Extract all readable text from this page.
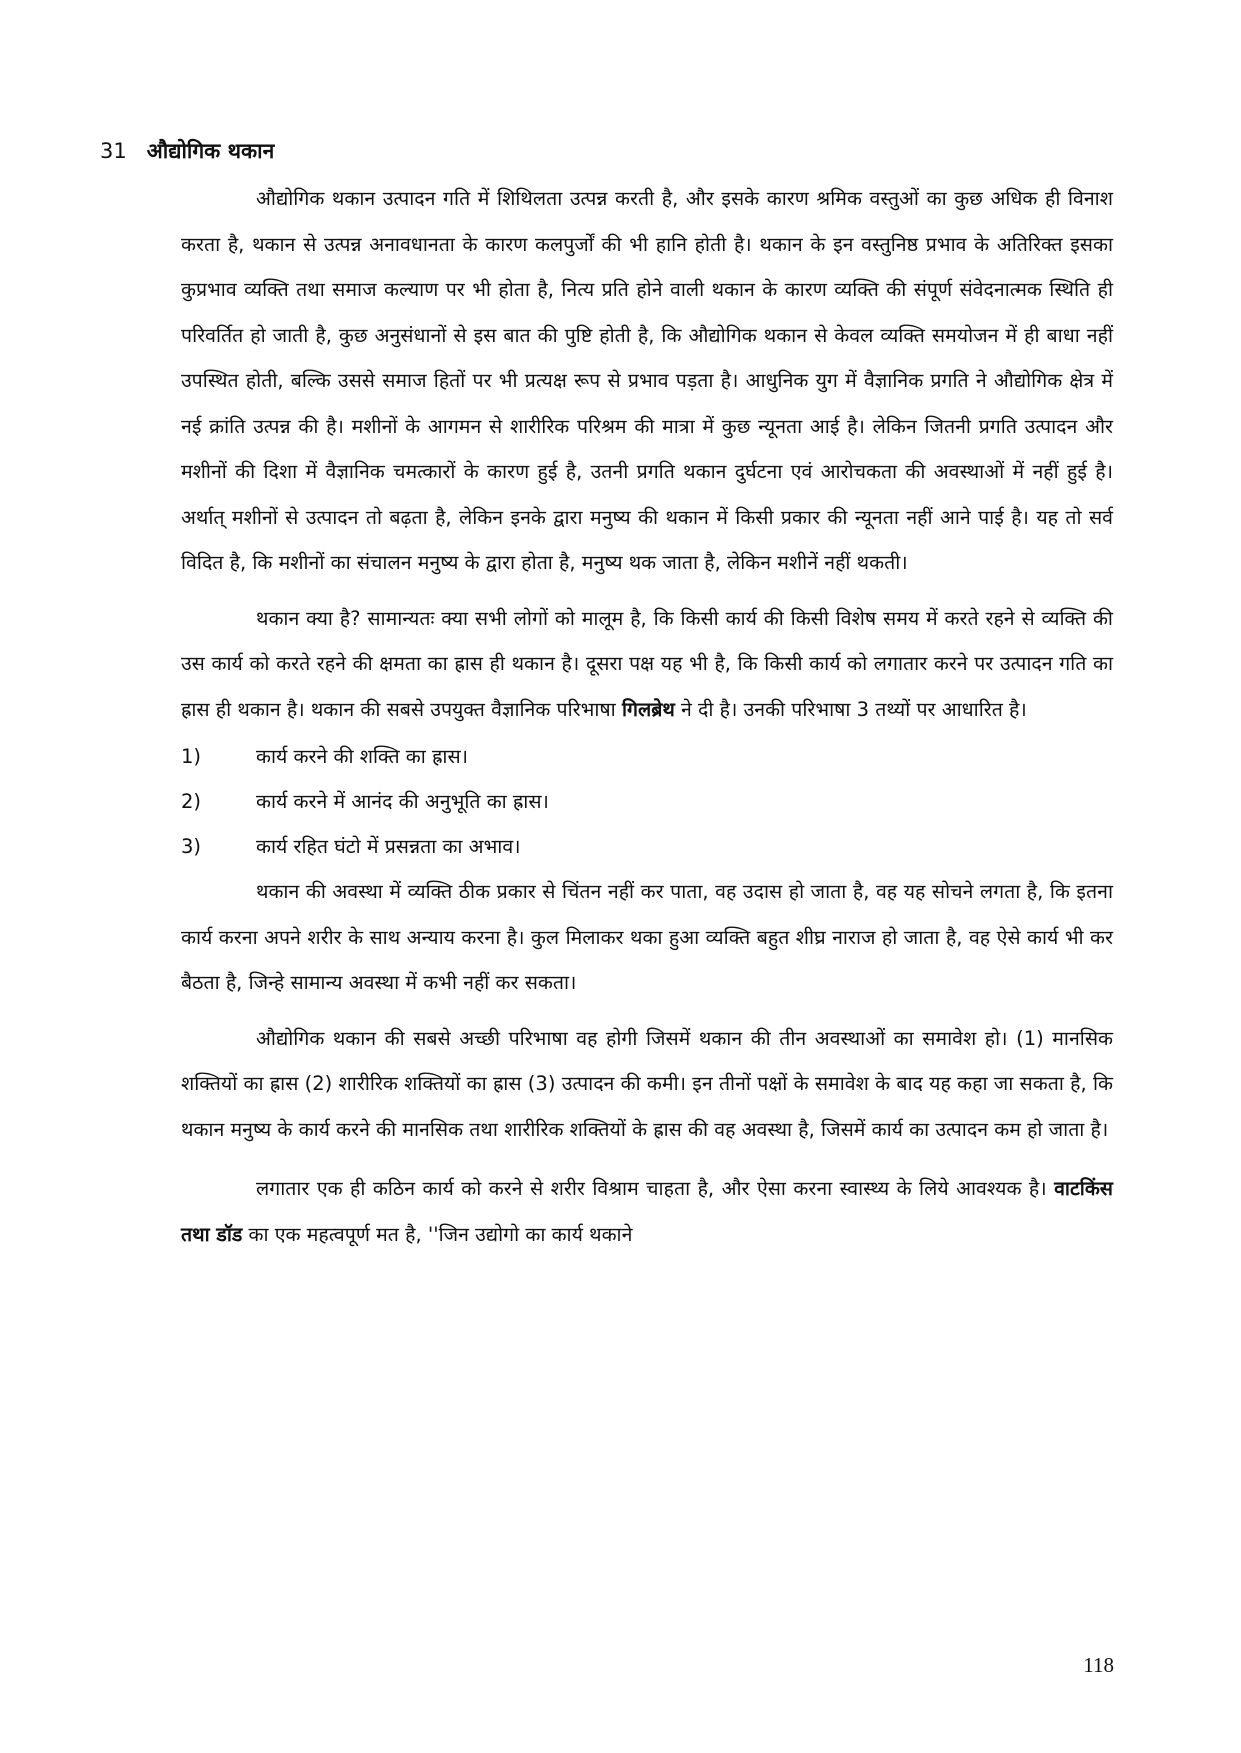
31 औद्योगिक थकान

औद्योगिक थकान उत्पादन गति में शिथिलता उत्पन्न करती है, और इसके कारण श्रमिक वस्तुओं का कुछ अधिक ही विनाश करता है, थकान से उत्पन्न अनावधानता के कारण कलपुर्जों की भी हानि होती है। थकान के इन वस्तुनिष्ठ प्रभाव के अतिरिक्त इसका कुप्रभाव व्यक्ति तथा समाज कल्याण पर भी होता है, नित्य प्रति होने वाली थकान के कारण व्यक्ति की संपूर्ण संवेदनात्मक स्थिति ही परिवर्तित हो जाती है, कुछ अनुसंधानों से इस बात की पुष्टि होती है, कि औद्योगिक थकान से केवल व्यक्ति समयोजन में ही बाधा नहीं उपस्थित होती, बल्कि उससे समाज हितों पर भी प्रत्यक्ष रूप से प्रभाव पड़ता है। आधुनिक युग में वैज्ञानिक प्रगति ने औद्योगिक क्षेत्र में नई क्रांति उत्पन्न की है। मशीनों के आगमन से शारीरिक परिश्रम की मात्रा में कुछ न्यूनता आई है। लेकिन जितनी प्रगति उत्पादन और मशीनों की दिशा में वैज्ञानिक चमत्कारों के कारण हुई है, उतनी प्रगति थकान दुर्घटना एवं आरोचकता की अवस्थाओं में नहीं हुई है। अर्थात् मशीनों से उत्पादन तो बढ़ता है, लेकिन इनके द्वारा मनुष्य की थकान में किसी प्रकार की न्यूनता नहीं आने पाई है। यह तो सर्व विदित है, कि मशीनों का संचालन मनुष्य के द्वारा होता है, मनुष्य थक जाता है, लेकिन मशीनें नहीं थकती।

थकान क्या है? सामान्यतः क्या सभी लोगों को मालूम है, कि किसी कार्य की किसी विशेष समय में करते रहने से व्यक्ति की उस कार्य को करते रहने की क्षमता का ह्रास ही थकान है। दूसरा पक्ष यह भी है, कि किसी कार्य को लगातार करने पर उत्पादन गति का ह्रास ही थकान है। थकान की सबसे उपयुक्त वैज्ञानिक परिभाषा गिलब्रेथ ने दी है। उनकी परिभाषा 3 तथ्यों पर आधारित है।

1)	कार्य करने की शक्ति का ह्रास।
2)	कार्य करने में आनंद की अनुभूति का ह्रास।
3)	कार्य रहित घंटो में प्रसन्नता का अभाव।

थकान की अवस्था में व्यक्ति ठीक प्रकार से चिंतन नहीं कर पाता, वह उदास हो जाता है, वह यह सोचने लगता है, कि इतना कार्य करना अपने शरीर के साथ अन्याय करना है। कुल मिलाकर थका हुआ व्यक्ति बहुत शीघ्र नाराज हो जाता है, वह ऐसे कार्य भी कर बैठता है, जिन्हे सामान्य अवस्था में कभी नहीं कर सकता।

औद्योगिक थकान की सबसे अच्छी परिभाषा वह होगी जिसमें थकान की तीन अवस्थाओं का समावेश हो। (1) मानसिक शक्तियों का ह्रास (2) शारीरिक शक्तियों का ह्रास (3) उत्पादन की कमी। इन तीनों पक्षों के समावेश के बाद यह कहा जा सकता है, कि थकान मनुष्य के कार्य करने की मानसिक तथा शारीरिक शक्तियों के ह्रास की वह अवस्था है, जिसमें कार्य का उत्पादन कम हो जाता है।

लगातार एक ही कठिन कार्य को करने से शरीर विश्राम चाहता है, और ऐसा करना स्वास्थ्य के लिये आवश्यक है। वाटकिंस तथा डॉड का एक महत्वपूर्ण मत है, ''जिन उद्योगो का कार्य थकाने

118
